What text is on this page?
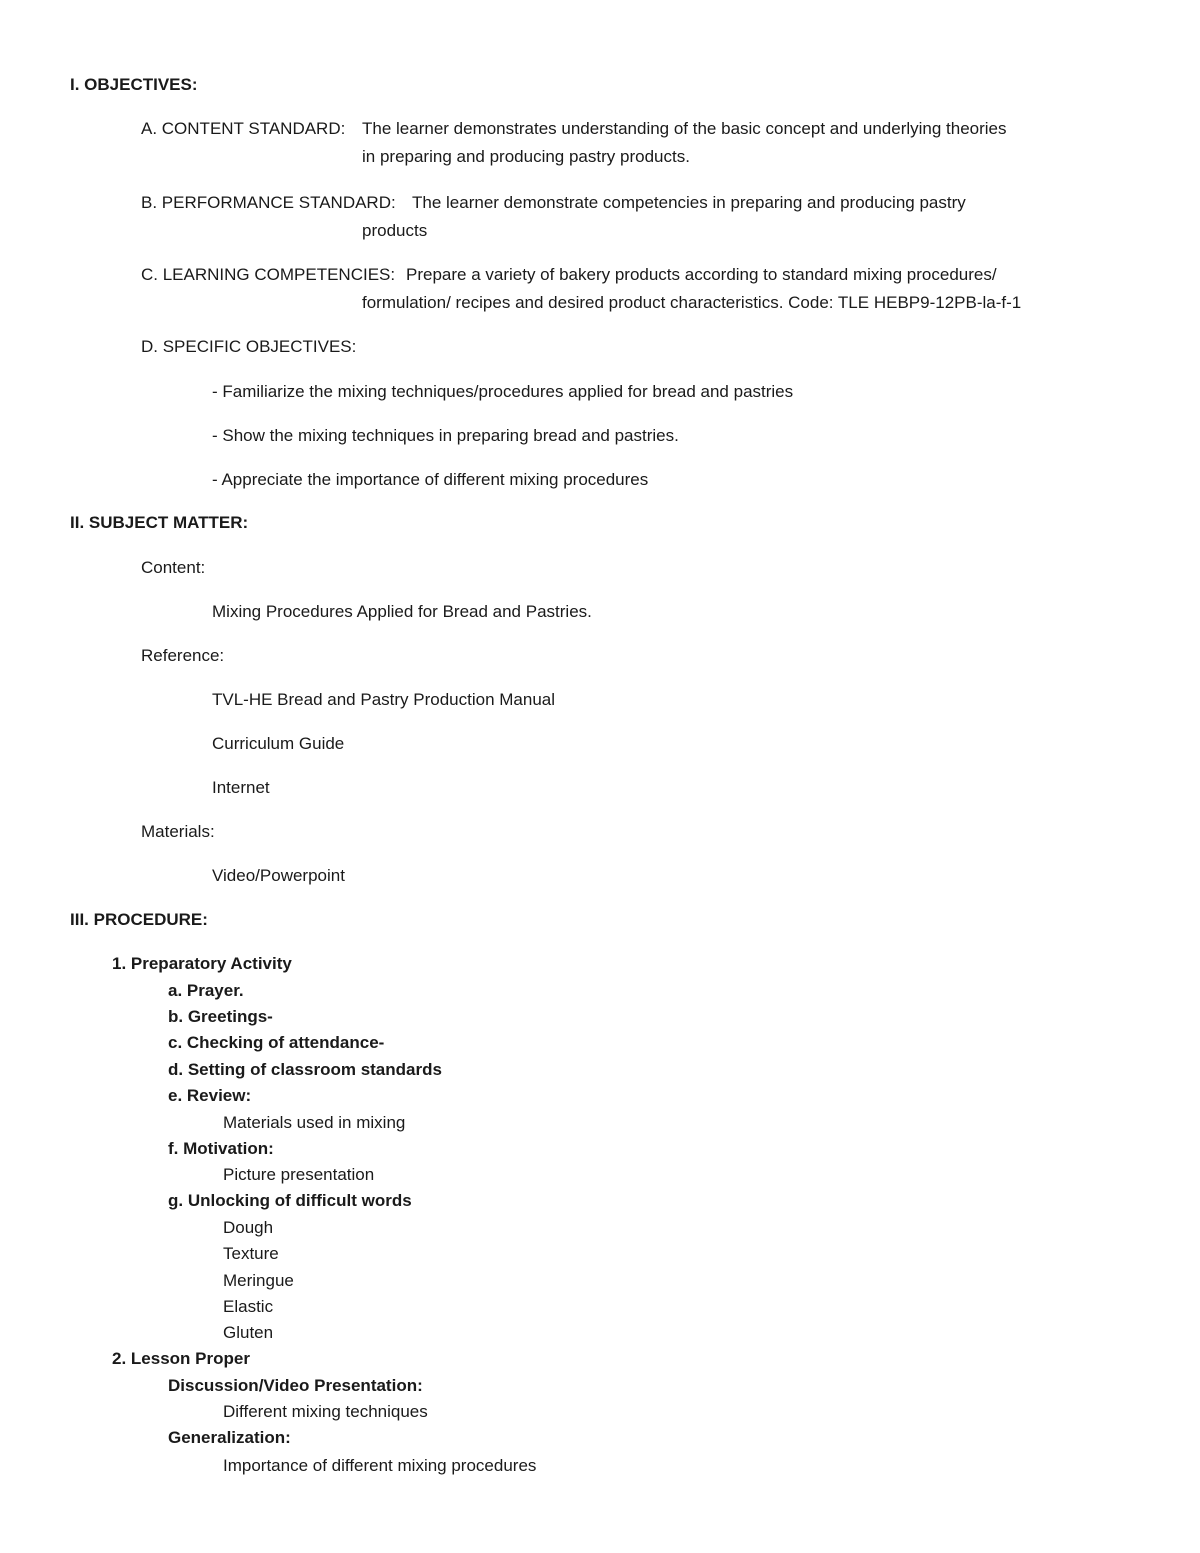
I. OBJECTIVES:
A. CONTENT STANDARD: The learner demonstrates understanding of the basic concept and underlying theories
in preparing and producing pastry products.
B. PERFORMANCE STANDARD: The learner demonstrate competencies in preparing and producing pastry
products
C. LEARNING COMPETENCIES: Prepare a variety of bakery products according to standard mixing procedures/
formulation/ recipes and desired product characteristics. Code: TLE HEBP9-12PB-la-f-1
D. SPECIFIC OBJECTIVES:
- Familiarize the mixing techniques/procedures applied for bread and pastries
- Show the mixing techniques in preparing bread and pastries.
- Appreciate the importance of different mixing procedures
II. SUBJECT MATTER:
Content:
Mixing Procedures Applied for Bread and Pastries.
Reference:
TVL-HE Bread and Pastry Production Manual
Curriculum Guide
Internet
Materials:
Video/Powerpoint
III. PROCEDURE:
1. Preparatory Activity
a. Prayer.
b. Greetings-
c. Checking of attendance-
d. Setting of classroom standards
e. Review:
Materials used in mixing
f. Motivation:
Picture presentation
g. Unlocking of difficult words
Dough
Texture
Meringue
Elastic
Gluten
2. Lesson Proper
Discussion/Video Presentation:
Different mixing techniques
Generalization:
Importance of different mixing procedures
